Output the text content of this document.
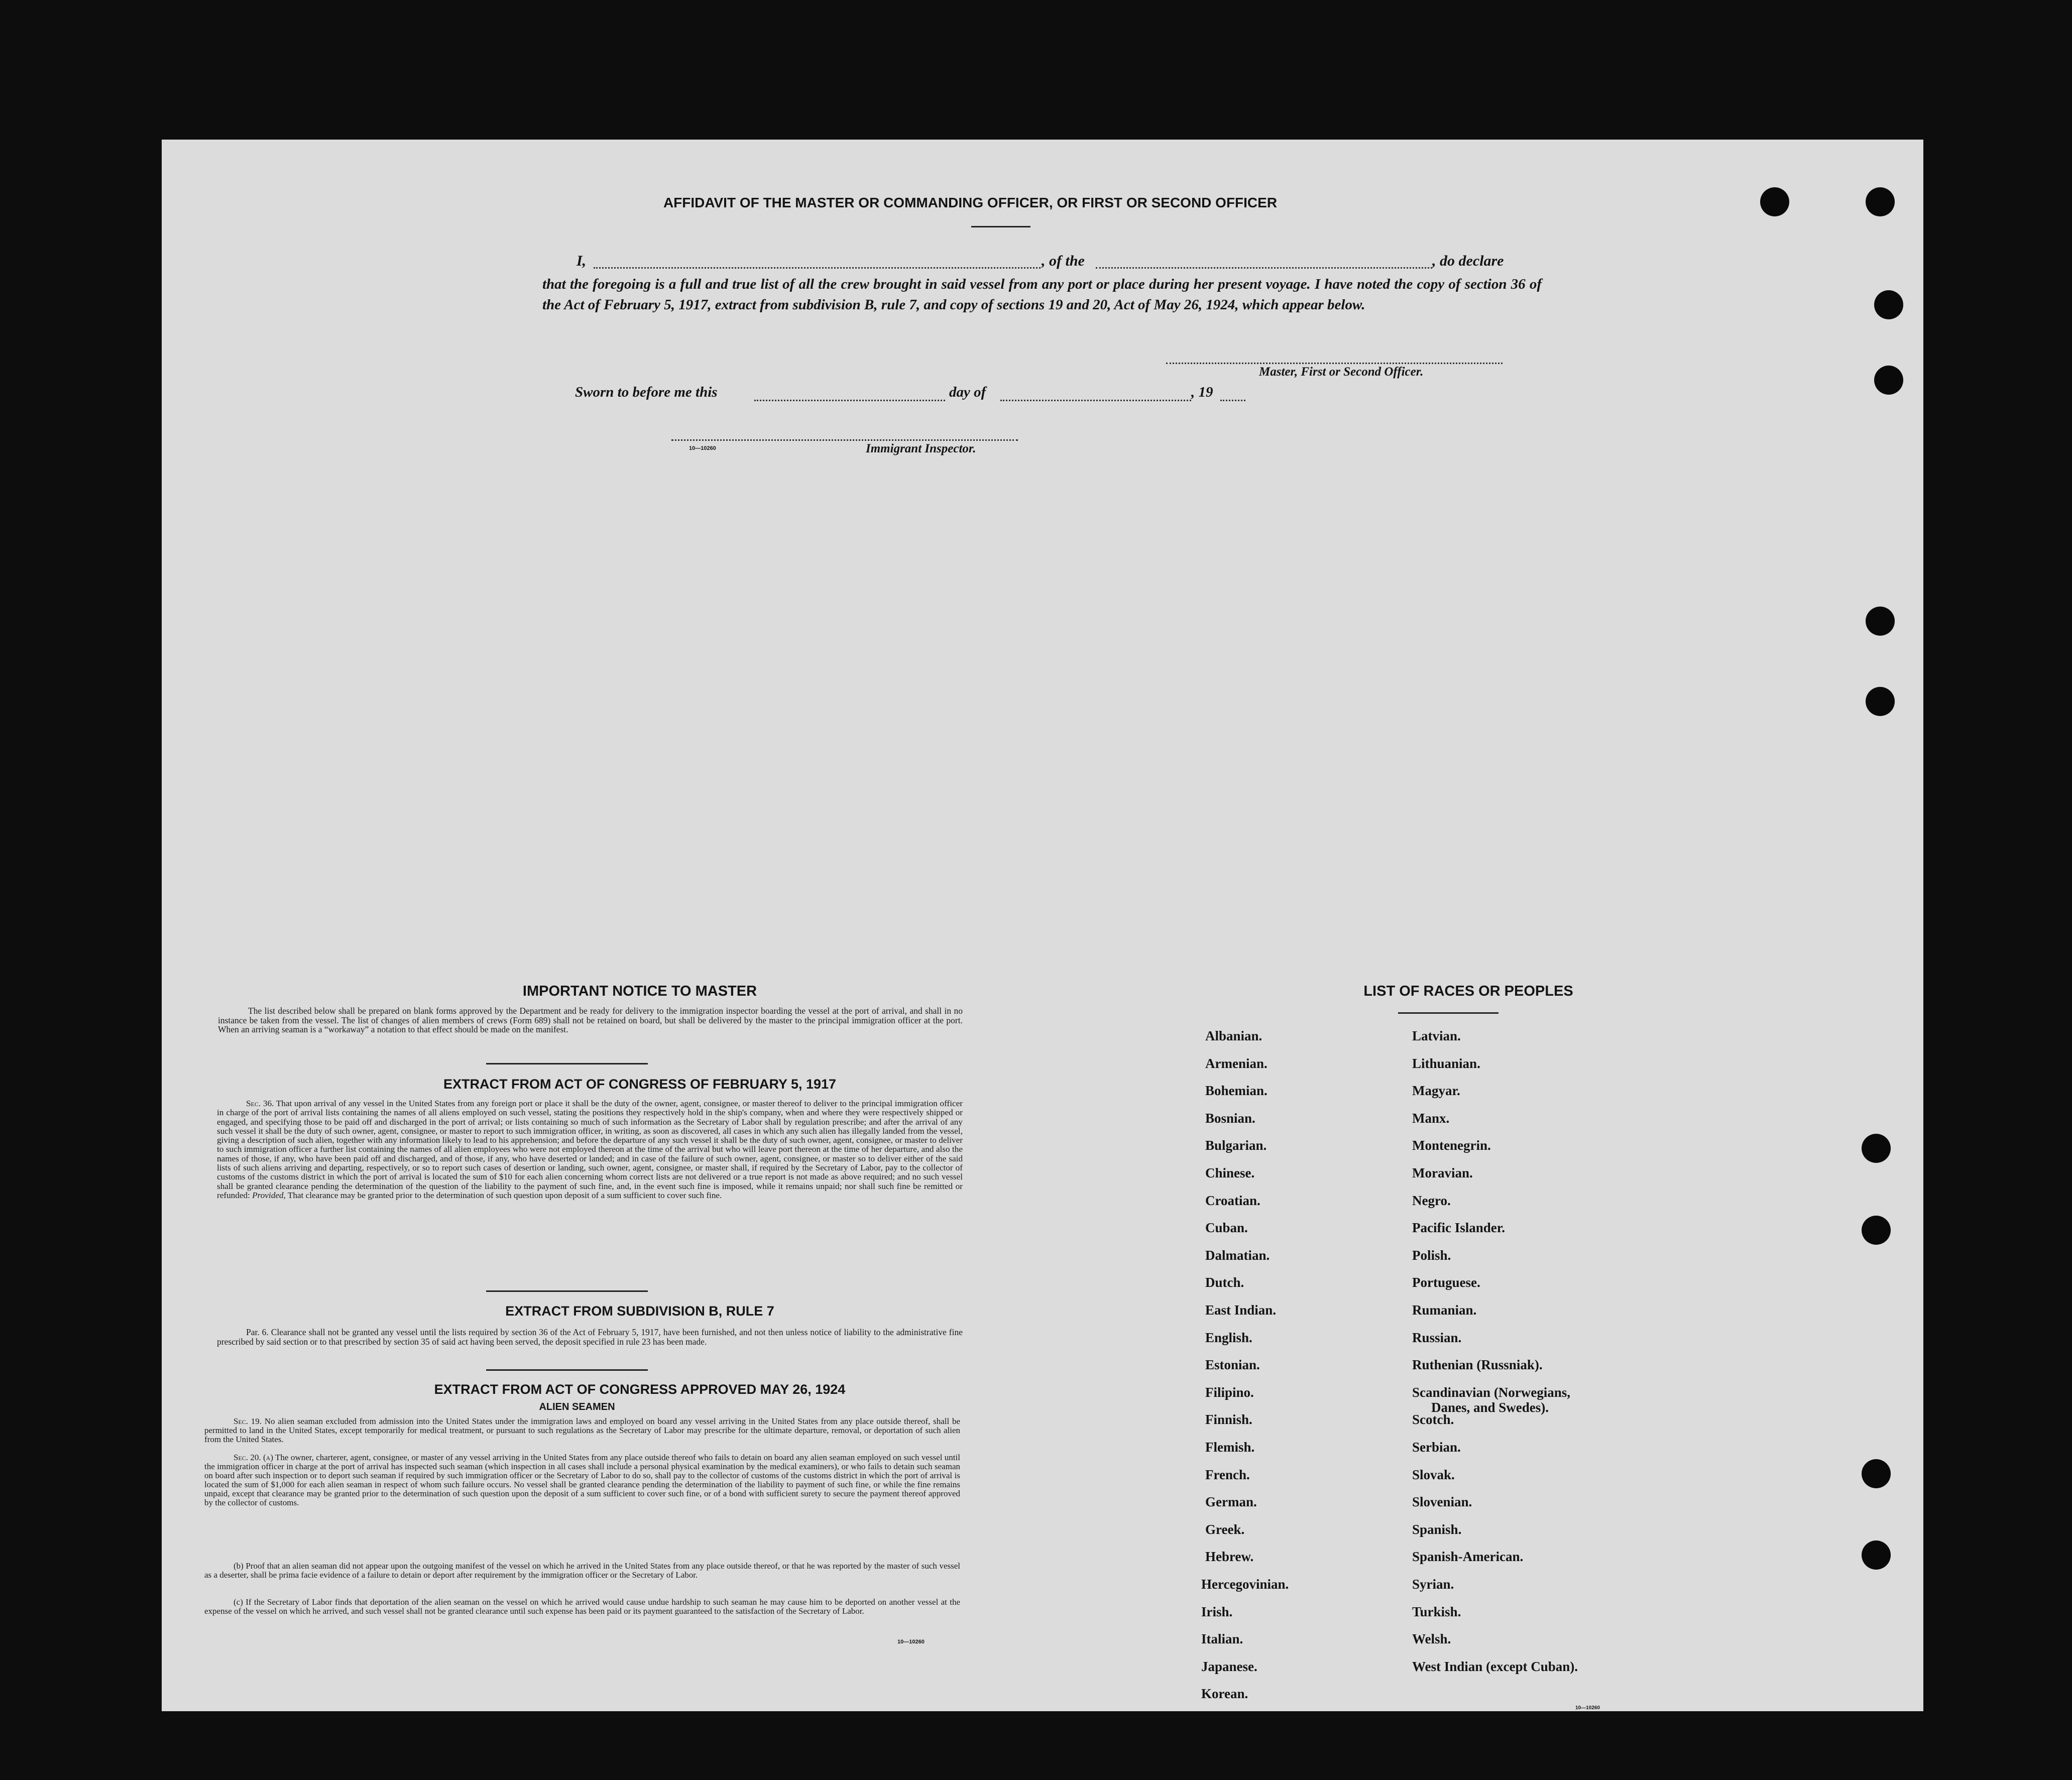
AFFIDAVIT OF THE MASTER OR COMMANDING OFFICER, OR FIRST OR SECOND OFFICER
I,	, of the	, do declare
that the foregoing is a full and true list of all the crew brought in said vessel from any port or place during her present voyage. I have noted the copy of section 36 of the Act of February 5, 1917, extract from subdivision B, rule 7, and copy of sections 19 and 20, Act of May 26, 1924, which appear below.
Master, First or Second Officer.
Sworn to before me this	day of	, 19
10—10260	Immigrant Inspector.
IMPORTANT NOTICE TO MASTER
The list described below shall be prepared on blank forms approved by the Department and be ready for delivery to the immigration inspector boarding the vessel at the port of arrival, and shall in no instance be taken from the vessel. The list of changes of alien members of crews (Form 689) shall not be retained on board, but shall be delivered by the master to the principal immigration officer at the port. When an arriving seaman is a “workaway” a notation to that effect should be made on the manifest.
EXTRACT FROM ACT OF CONGRESS OF FEBRUARY 5, 1917
Sec. 36. That upon arrival of any vessel in the United States from any foreign port or place it shall be the duty of the owner, agent, consignee, or master thereof to deliver to the principal immigration officer in charge of the port of arrival lists containing the names of all aliens employed on such vessel, stating the positions they respectively hold in the ship's company, when and where they were respectively shipped or engaged, and specifying those to be paid off and discharged in the port of arrival; or lists containing so much of such information as the Secretary of Labor shall by regulation prescribe; and after the arrival of any such vessel it shall be the duty of such owner, agent, consignee, or master to report to such immigration officer, in writing, as soon as discovered, all cases in which any such alien has illegally landed from the vessel, giving a description of such alien, together with any information likely to lead to his apprehension; and before the departure of any such vessel it shall be the duty of such owner, agent, consignee, or master to deliver to such immigration officer a further list containing the names of all alien employees who were not employed thereon at the time of the arrival but who will leave port thereon at the time of her departure, and also the names of those, if any, who have been paid off and discharged, and of those, if any, who have deserted or landed; and in case of the failure of such owner, agent, consignee, or master so to deliver either of the said lists of such aliens arriving and departing, respectively, or so to report such cases of desertion or landing, such owner, agent, consignee, or master shall, if required by the Secretary of Labor, pay to the collector of customs of the customs district in which the port of arrival is located the sum of $10 for each alien concerning whom correct lists are not delivered or a true report is not made as above required; and no such vessel shall be granted clearance pending the determination of the question of the liability to the payment of such fine, and, in the event such fine is imposed, while it remains unpaid; nor shall such fine be remitted or refunded: Provided, That clearance may be granted prior to the determination of such question upon deposit of a sum sufficient to cover such fine.
EXTRACT FROM SUBDIVISION B, RULE 7
Par. 6. Clearance shall not be granted any vessel until the lists required by section 36 of the Act of February 5, 1917, have been furnished, and not then unless notice of liability to the administrative fine prescribed by said section or to that prescribed by section 35 of said act having been served, the deposit specified in rule 23 has been made.
EXTRACT FROM ACT OF CONGRESS APPROVED MAY 26, 1924
ALIEN SEAMEN
Sec. 19. No alien seaman excluded from admission into the United States under the immigration laws and employed on board any vessel arriving in the United States from any place outside thereof, shall be permitted to land in the United States, except temporarily for medical treatment, or pursuant to such regulations as the Secretary of Labor may prescribe for the ultimate departure, removal, or deportation of such alien from the United States.
Sec. 20. (a) The owner, charterer, agent, consignee, or master of any vessel arriving in the United States from any place outside thereof who fails to detain on board any alien seaman employed on such vessel until the immigration officer in charge at the port of arrival has inspected such seaman (which inspection in all cases shall include a personal physical examination by the medical examiners), or who fails to detain such seaman on board after such inspection or to deport such seaman if required by such immigration officer or the Secretary of Labor to do so, shall pay to the collector of customs of the customs district in which the port of arrival is located the sum of $1,000 for each alien seaman in respect of whom such failure occurs. No vessel shall be granted clearance pending the determination of the liability to payment of such fine, or while the fine remains unpaid, except that clearance may be granted prior to the determination of such question upon the deposit of a sum sufficient to cover such fine, or of a bond with sufficient surety to secure the payment thereof approved by the collector of customs.
(b) Proof that an alien seaman did not appear upon the outgoing manifest of the vessel on which he arrived in the United States from any place outside thereof, or that he was reported by the master of such vessel as a deserter, shall be prima facie evidence of a failure to detain or deport after requirement by the immigration officer or the Secretary of Labor.
(c) If the Secretary of Labor finds that deportation of the alien seaman on the vessel on which he arrived would cause undue hardship to such seaman he may cause him to be deported on another vessel at the expense of the vessel on which he arrived, and such vessel shall not be granted clearance until such expense has been paid or its payment guaranteed to the satisfaction of the Secretary of Labor.
10—10260
LIST OF RACES OR PEOPLES
Albanian.
Armenian.
Bohemian.
Bosnian.
Bulgarian.
Chinese.
Croatian.
Cuban.
Dalmatian.
Dutch.
East Indian.
English.
Estonian.
Filipino.
Finnish.
Flemish.
French.
German.
Greek.
Hebrew.
Hercegovinian.
Irish.
Italian.
Japanese.
Korean.
Latvian.
Lithuanian.
Magyar.
Manx.
Montenegrin.
Moravian.
Negro.
Pacific Islander.
Polish.
Portuguese.
Rumanian.
Russian.
Ruthenian (Russniak).
Scandinavian (Norwegians,
Danes, and Swedes).
Scotch.
Serbian.
Slovak.
Slovenian.
Spanish.
Spanish-American.
Syrian.
Turkish.
Welsh.
West Indian (except Cuban).
10—10260
